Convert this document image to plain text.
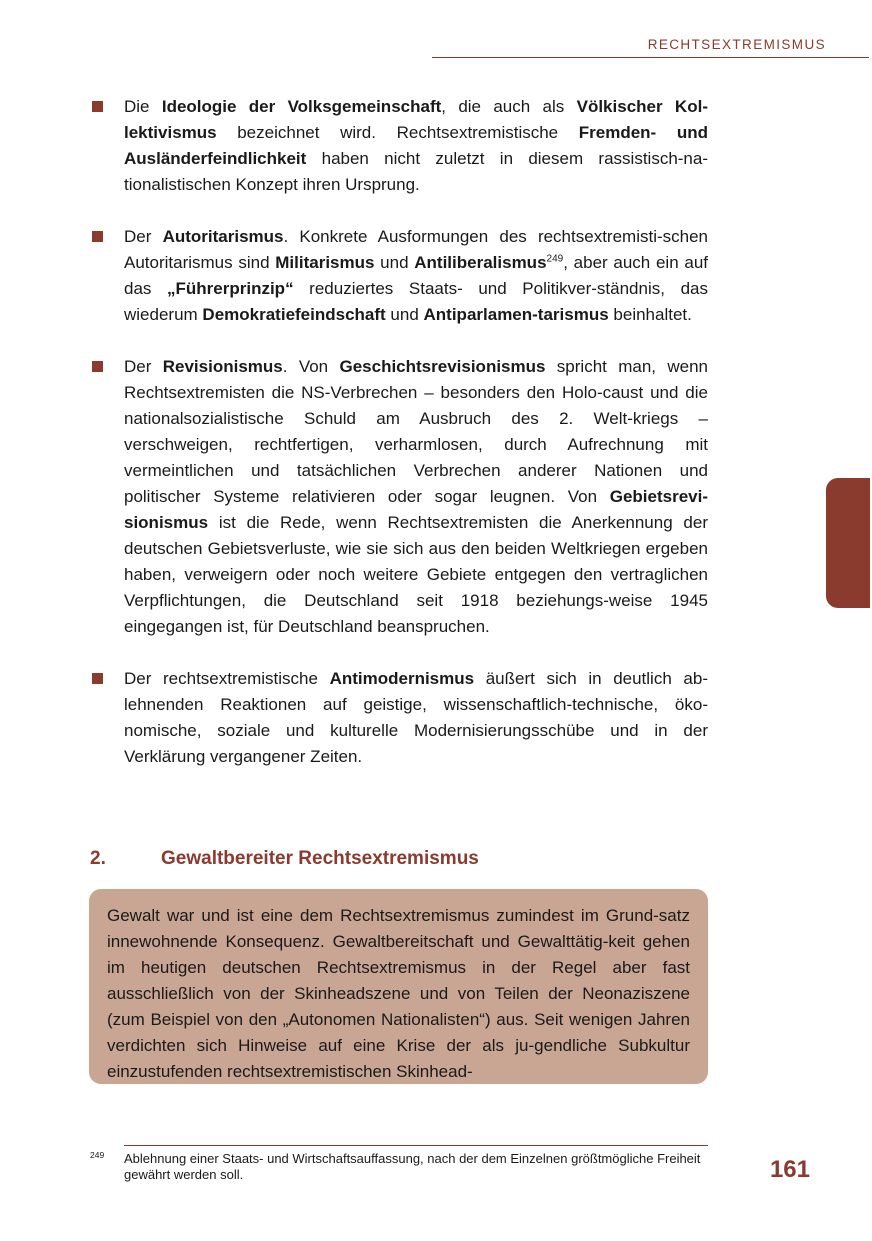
RECHTSEXTREMISMUS
Die Ideologie der Volksgemeinschaft, die auch als Völkischer Kol-lektivismus bezeichnet wird. Rechtsextremistische Fremden- und Ausländerfeindlichkeit haben nicht zuletzt in diesem rassistisch-na-tionalistischen Konzept ihren Ursprung.
Der Autoritarismus. Konkrete Ausformungen des rechtsextremisti-schen Autoritarismus sind Militarismus und Antiliberalismus$^{249}$, aber auch ein auf das „Führerprinzip“ reduziertes Staats- und Politikver-ständnis, das wiederum Demokratiefeindschaft und Antiparlamen-tarismus beinhaltet.
Der Revisionismus. Von Geschichtsrevisionismus spricht man, wenn Rechtsextremisten die NS-Verbrechen – besonders den Holo-caust und die nationalsozialistische Schuld am Ausbruch des 2. Welt-kriegs – verschweigen, rechtfertigen, verharmlosen, durch Aufrechnung mit vermeintlichen und tatsächlichen Verbrechen anderer Nationen und politischer Systeme relativieren oder sogar leugnen. Von Gebietsrevi-sionismus ist die Rede, wenn Rechtsextremisten die Anerkennung der deutschen Gebietsverluste, wie sie sich aus den beiden Weltkriegen ergeben haben, verweigern oder noch weitere Gebiete entgegen den vertraglichen Verpflichtungen, die Deutschland seit 1918 beziehungs-weise 1945 eingegangen ist, für Deutschland beanspruchen.
Der rechtsextremistische Antimodernismus äußert sich in deutlich ab-lehnenden Reaktionen auf geistige, wissenschaftlich-technische, öko-nomische, soziale und kulturelle Modernisierungsschübe und in der Verklärung vergangener Zeiten.
2.	Gewaltbereiter Rechtsextremismus
Gewalt war und ist eine dem Rechtsextremismus zumindest im Grund-satz innewohnende Konsequenz. Gewaltbereitschaft und Gewalttätig-keit gehen im heutigen deutschen Rechtsextremismus in der Regel aber fast ausschließlich von der Skinheadszene und von Teilen der Neonaziszene (zum Beispiel von den „Autonomen Nationalisten“) aus. Seit wenigen Jahren verdichten sich Hinweise auf eine Krise der als ju-gendliche Subkultur einzustufenden rechtsextremistischen Skinhead-
249 Ablehnung einer Staats- und Wirtschaftsauffassung, nach der dem Einzelnen größtmögliche Freiheit gewährt werden soll.	161
